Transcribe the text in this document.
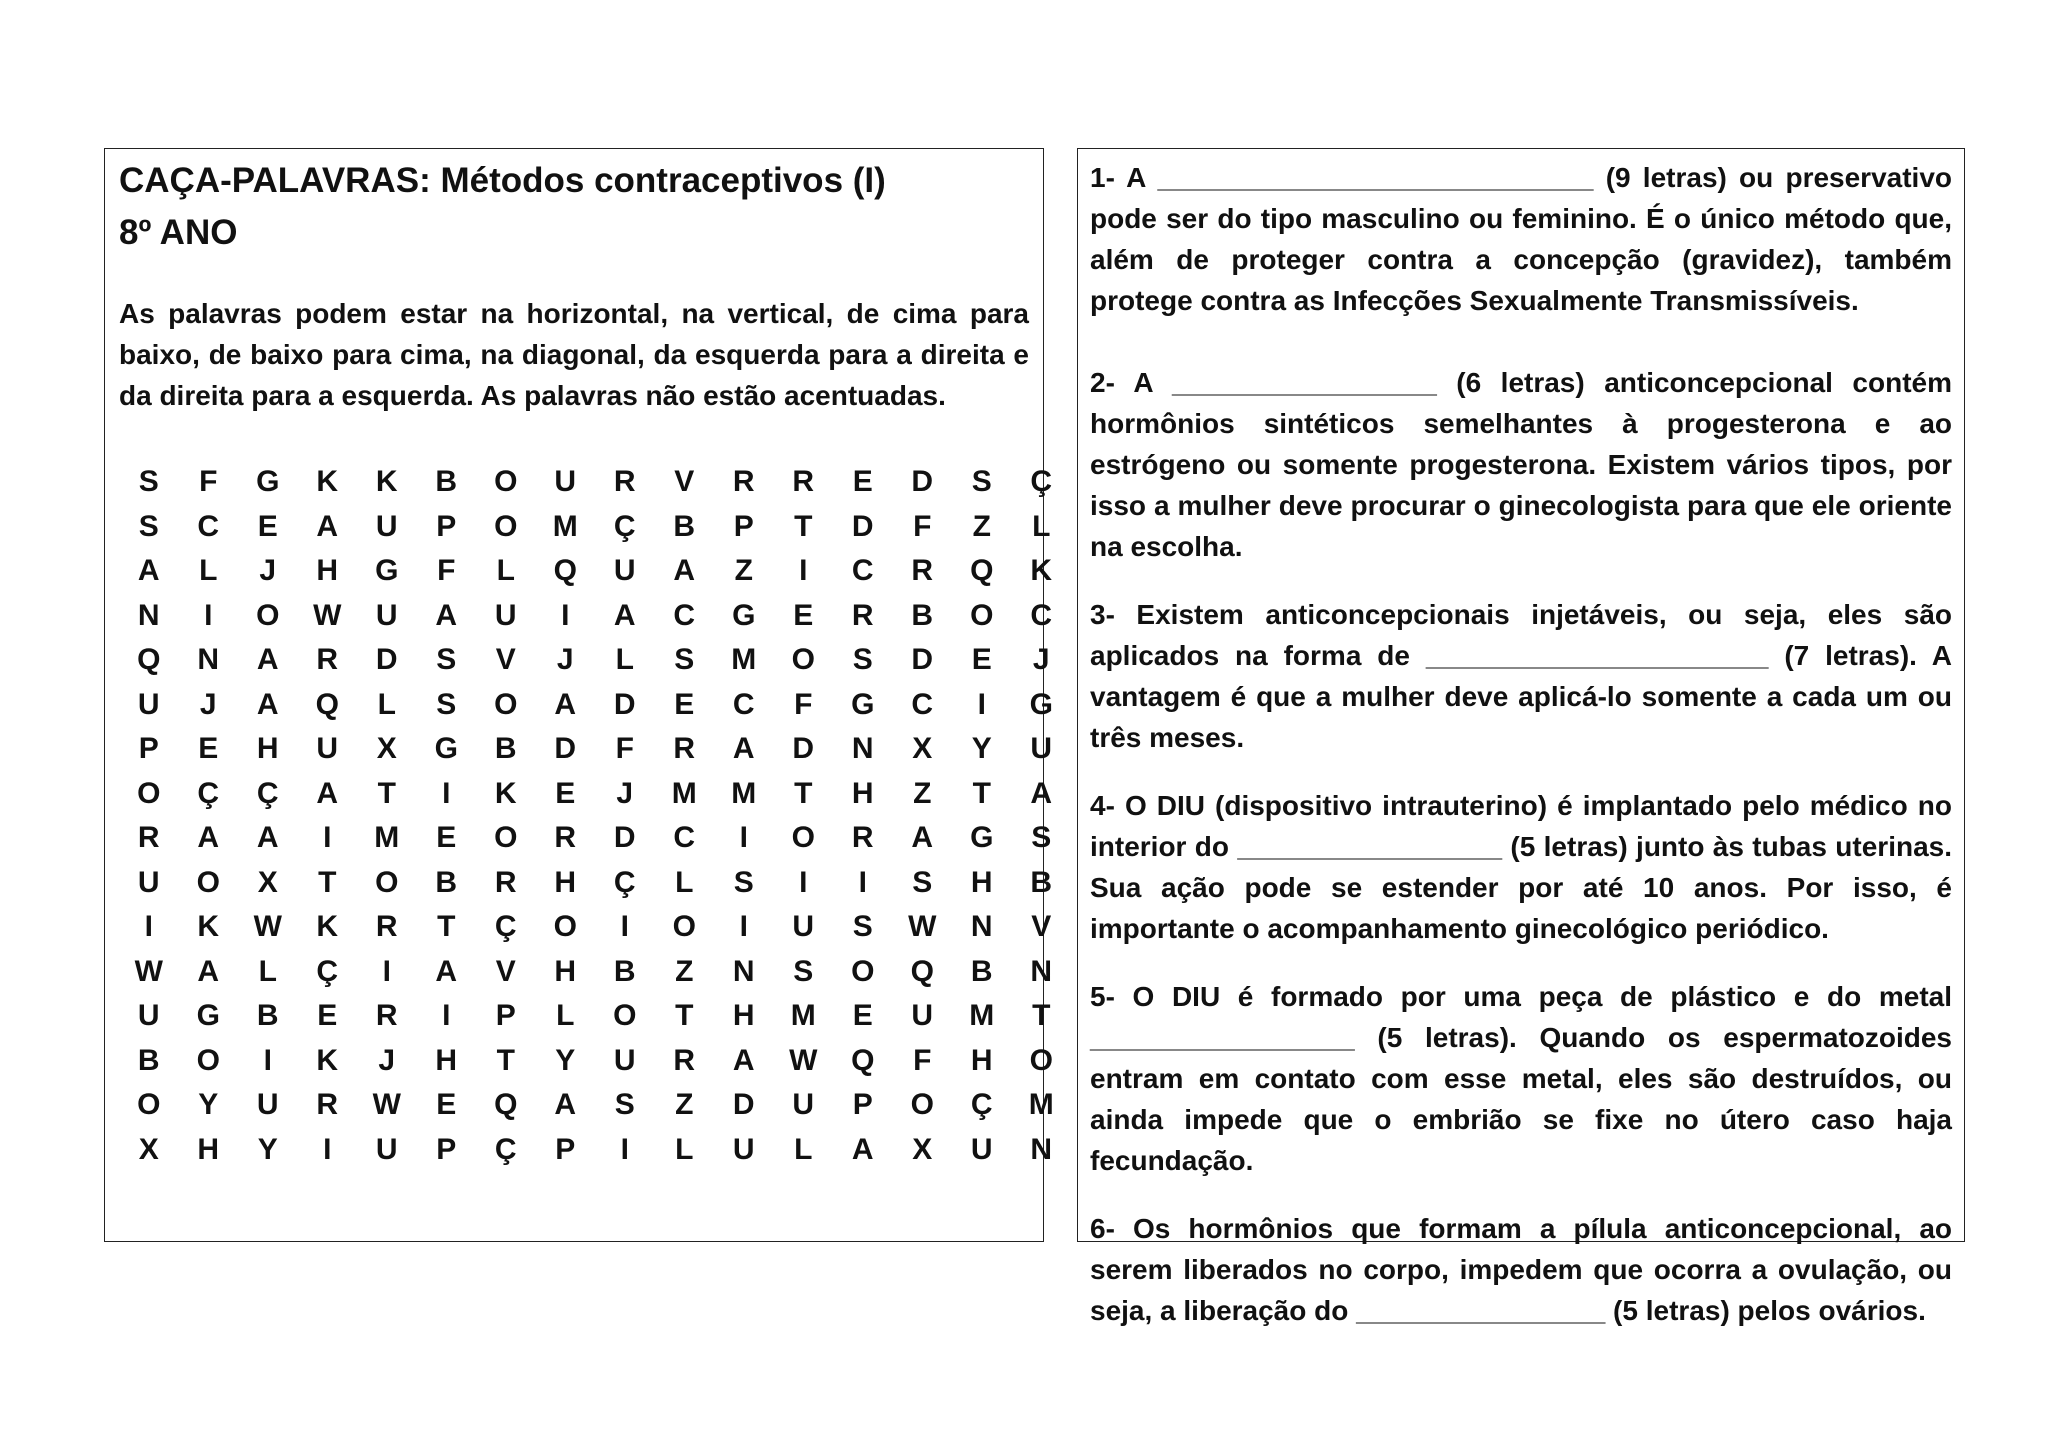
CAÇA-PALAVRAS: Métodos contraceptivos (I)

8º ANO

As palavras podem estar na horizontal, na vertical, de cima para baixo, de baixo para cima, na diagonal, da esquerda para a direita e da direita para a esquerda. As palavras não estão acentuadas.

S	F	G	K	K	B	O	U	R	V	R	R	E	D	S	Ç
S	C	E	A	U	P	O	M	Ç	B	P	T	D	F	Z	L
A	L	J	H	G	F	L	Q	U	A	Z	I	C	R	Q	K
N	I	O	W	U	A	U	I	A	C	G	E	R	B	O	C
Q	N	A	R	D	S	V	J	L	S	M	O	S	D	E	J
U	J	A	Q	L	S	O	A	D	E	C	F	G	C	I	G
P	E	H	U	X	G	B	D	F	R	A	D	N	X	Y	U
O	Ç	Ç	A	T	I	K	E	J	M	M	T	H	Z	T	A
R	A	A	I	M	E	O	R	D	C	I	O	R	A	G	S
U	O	X	T	O	B	R	H	Ç	L	S	I	I	S	H	B
I	K	W	K	R	T	Ç	O	I	O	I	U	S	W	N	V
W	A	L	Ç	I	A	V	H	B	Z	N	S	O	Q	B	N
U	G	B	E	R	I	P	L	O	T	H	M	E	U	M	T
B	O	I	K	J	H	T	Y	U	R	A	W	Q	F	H	O
O	Y	U	R	W	E	Q	A	S	Z	D	U	P	O	Ç	M
X	H	Y	I	U	P	Ç	P	I	L	U	L	A	X	U	N

1- A ____________________________ (9 letras) ou preservativo pode ser do tipo masculino ou feminino. É o único método que, além de proteger contra a concepção (gravidez), também protege contra as Infecções Sexualmente Transmissíveis.

2- A _________________ (6 letras) anticoncepcional contém hormônios sintéticos semelhantes à progesterona e ao estrógeno ou somente progesterona. Existem vários tipos, por isso a mulher deve procurar o ginecologista para que ele oriente na escolha.

3- Existem anticoncepcionais injetáveis, ou seja, eles são aplicados na forma de ______________________ (7 letras). A vantagem é que a mulher deve aplicá-lo somente a cada um ou três meses.

4- O DIU (dispositivo intrauterino) é implantado pelo médico no interior do _________________ (5 letras) junto às tubas uterinas. Sua ação pode se estender por até 10 anos. Por isso, é importante o acompanhamento ginecológico periódico.

5- O DIU é formado por uma peça de plástico e do metal _________________ (5 letras). Quando os espermatozoides entram em contato com esse metal, eles são destruídos, ou ainda impede que o embrião se fixe no útero caso haja fecundação.

6- Os hormônios que formam a pílula anticoncepcional, ao serem liberados no corpo, impedem que ocorra a ovulação, ou seja, a liberação do ________________ (5 letras) pelos ovários.
